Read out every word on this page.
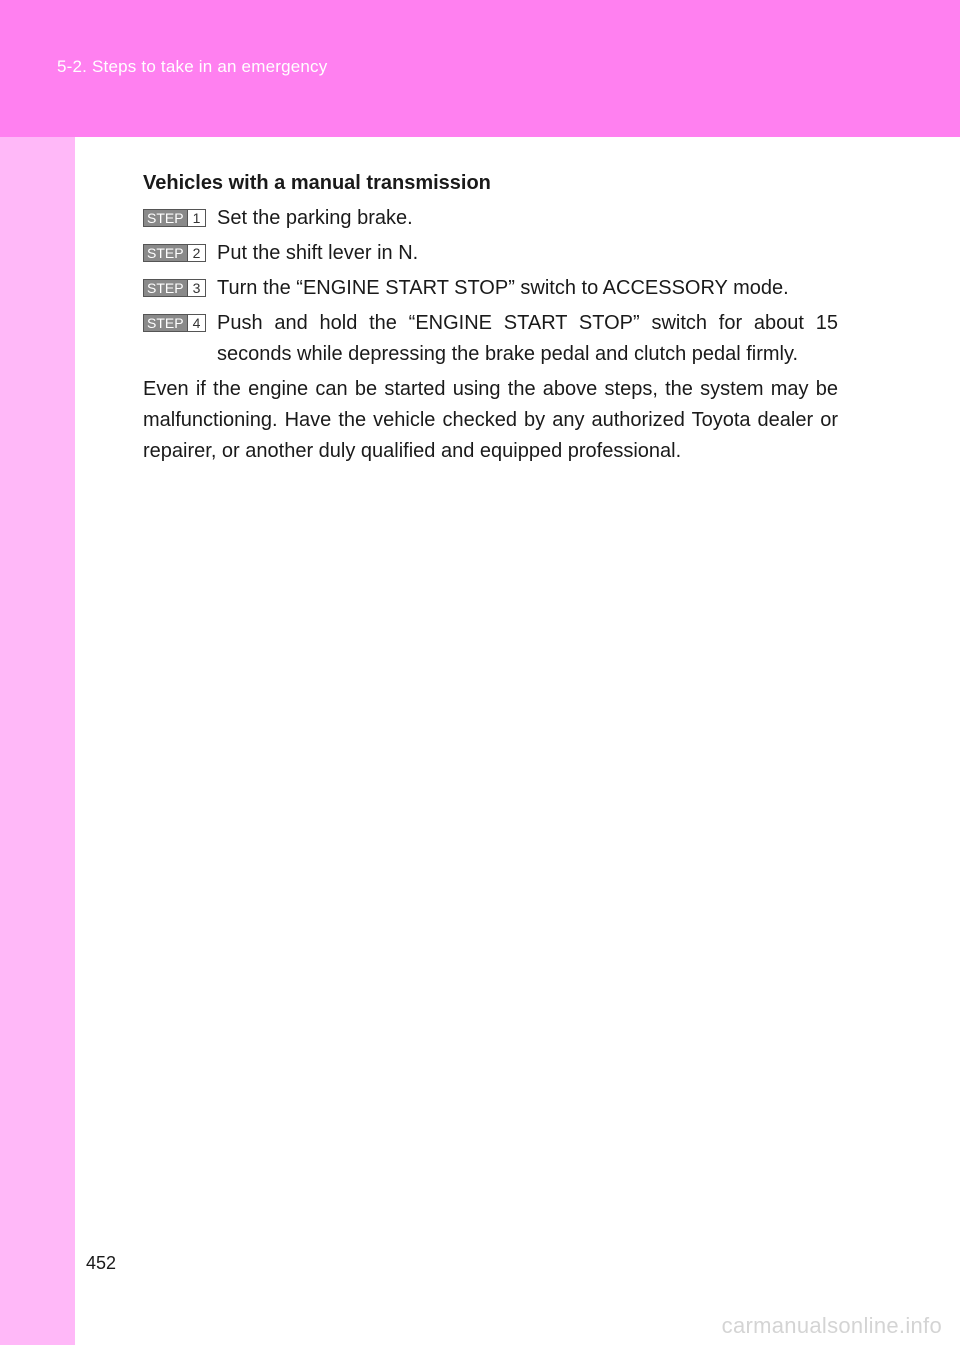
5-2. Steps to take in an emergency
Vehicles with a manual transmission
STEP 1 Set the parking brake.
STEP 2 Put the shift lever in N.
STEP 3 Turn the “ENGINE START STOP” switch to ACCESSORY mode.
STEP 4 Push and hold the “ENGINE START STOP” switch for about 15 seconds while depressing the brake pedal and clutch pedal firmly.
Even if the engine can be started using the above steps, the system may be malfunctioning. Have the vehicle checked by any authorized Toyota dealer or repairer, or another duly qualified and equipped professional.
452
carmanualsonline.info
